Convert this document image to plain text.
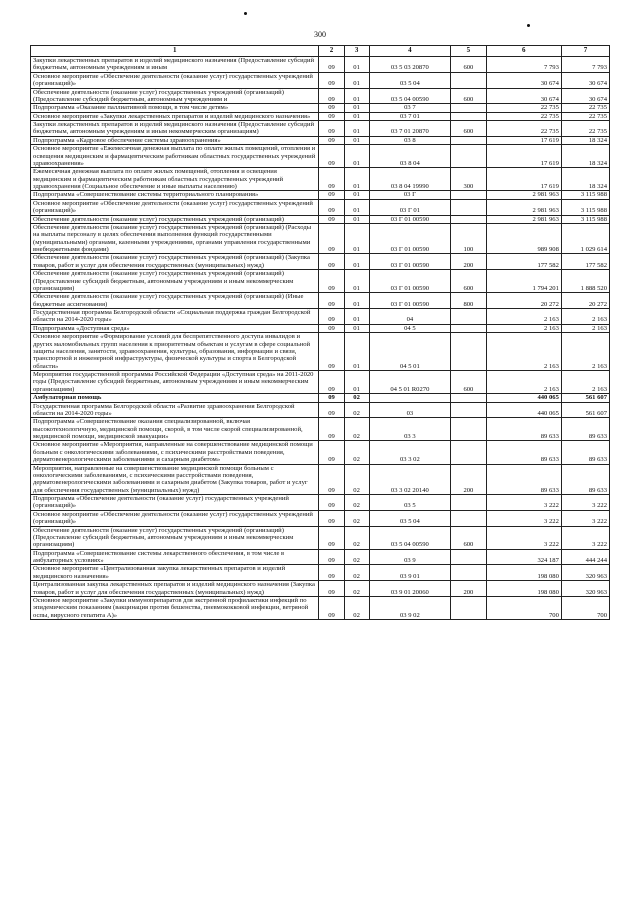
300
1	2	3	4	5	6	7
Закупки лекарственных препаратов и изделий медицинского назначения (Предоставление субсидий бюджетным, автономным учреждениям и иным	09	01	03 5 03 20870	600	7 793	7 793
Основное мероприятие «Обеспечение деятельности (оказание услуг) государственных учреждений (организаций)»	09	01	03 5 04		30 674	30 674
Обеспечение деятельности (оказание услуг) государственных учреждений (организаций) (Предоставление субсидий бюджетным, автономным учреждениям и	09	01	03 5 04 00590	600	30 674	30 674
Подпрограмма «Оказание паллиативной помощи, в том числе детям»	09	01	03 7		22 735	22 735
Основное мероприятие «Закупки лекарственных препаратов и изделий медицинского назначения»	09	01	03 7 01		22 735	22 735
Закупки лекарственных препаратов и изделий медицинского назначения (Предоставление субсидий бюджетным, автономным учреждениям и иным некоммерческим организациям)	09	01	03 7 01 20870	600	22 735	22 735
Подпрограмма «Кадровое обеспечение системы здравоохранения»	09	01	03 8		17 619	18 324
Основное мероприятие «Ежемесячная денежная выплата по оплате жилых помещений, отопления и освещения медицинским и фармацевтическим работникам областных государственных учреждений здравоохранения»	09	01	03 8 04		17 619	18 324
Ежемесячная денежная выплата по оплате жилых помещений, отопления и освещения медицинским и фармацевтическим работникам областных государственных учреждений здравоохранения (Социальное обеспечение и иные выплаты населению)	09	01	03 8 04 19990	300	17 619	18 324
Подпрограмма «Совершенствование системы территориального планирования»	09	01	03 Г		2 981 963	3 115 988
Основное мероприятие «Обеспечение деятельности (оказание услуг) государственных учреждений (организаций)»	09	01	03 Г 01		2 981 963	3 115 988
Обеспечение деятельности (оказание услуг) государственных учреждений (организаций)	09	01	03 Г 01 00590		2 981 963	3 115 988
Обеспечение деятельности (оказание услуг) государственных учреждений (организаций) (Расходы на выплаты персоналу в целях обеспечения выполнения функций государственными (муниципальными) органами, казенными учреждениями, органами управления государственными внебюджетными фондами)	09	01	03 Г 01 00590	100	989 908	1 029 614
Обеспечение деятельности (оказание услуг) государственных учреждений (организаций) (Закупка товаров, работ и услуг для обеспечения государственных (муниципальных) нужд)	09	01	03 Г 01 00590	200	177 582	177 582
Обеспечение деятельности (оказание услуг) государственных учреждений (организаций) (Предоставление субсидий бюджетным, автономным учреждениям и иным некоммерческим организациям)	09	01	03 Г 01 00590	600	1 794 201	1 888 520
Обеспечение деятельности (оказание услуг) государственных учреждений (организаций) (Иные бюджетные ассигнования)	09	01	03 Г 01 00590	800	20 272	20 272
Государственная программа Белгородской области «Социальная поддержка граждан Белгородской области на 2014-2020 годы»	09	01	04		2 163	2 163
Подпрограмма «Доступная среда»	09	01	04 5		2 163	2 163
Основное мероприятие «Формирование условий для беспрепятственного доступа инвалидов и других маломобильных групп населения к приоритетным объектам и услугам в сфере социальной защиты населения, занятости, здравоохранения, культуры, образования, информации и связи, транспортной и инженерной инфраструктуры, физической культуры и спорта в Белгородской области»	09	01	04 5 01		2 163	2 163
Мероприятия государственной программы Российской Федерации «Доступная среда» на 2011-2020 годы (Предоставление субсидий бюджетным, автономным учреждениям и иным некоммерческим организациям)	09	01	04 5 01 R0270	600	2 163	2 163
Амбулаторная помощь	09	02			440 065	561 607
Государственная программа Белгородской области «Развитие здравоохранения Белгородской области на 2014-2020 годы»	09	02	03		440 065	561 607
Подпрограмма «Совершенствование оказания специализированной, включая высокотехнологичную, медицинской помощи, скорой, в том числе скорой специализированной, медицинской помощи, медицинской эвакуации»	09	02	03 3		89 633	89 633
Основное мероприятие «Мероприятия, направленные на совершенствование медицинской помощи больным с онкологическими заболеваниями, с психическими расстройствами поведения, дерматовенерологическими заболеваниями и сахарным диабетом»	09	02	03 3 02		89 633	89 633
Мероприятия, направленные на совершенствование медицинской помощи больным с онкологическими заболеваниями, с психическими расстройствами поведения, дерматовенерологическими заболеваниями и сахарным диабетом (Закупка товаров, работ и услуг для обеспечения государственных (муниципальных) нужд)	09	02	03 3 02 20140	200	89 633	89 633
Подпрограмма «Обеспечение деятельности (оказание услуг) государственных учреждений (организаций)»	09	02	03 5		3 222	3 222
Основное мероприятие «Обеспечение деятельности (оказание услуг) государственных учреждений (организаций)»	09	02	03 5 04		3 222	3 222
Обеспечение деятельности (оказание услуг) государственных учреждений (организаций) (Предоставление субсидий бюджетным, автономным учреждениям и иным некоммерческим организациям)	09	02	03 5 04 00590	600	3 222	3 222
Подпрограмма «Совершенствование системы лекарственного обеспечения, в том числе в амбулаторных условиях»	09	02	03 9		324 187	444 244
Основное мероприятие «Централизованная закупка лекарственных препаратов и изделий медицинского назначения»	09	02	03 9 01		198 080	320 963
Централизованная закупка лекарственных препаратов и изделий медицинского назначения (Закупка товаров, работ и услуг для обеспечения государственных (муниципальных) нужд)	09	02	03 9 01 20060	200	198 080	320 963
Основное мероприятие «Закупки иммунопрепаратов для экстренной профилактики инфекций по эпидемическим показаниям (вакцинация против бешенства, пневмококковой инфекции, ветряной оспы, вирусного гепатита А)»	09	02	03 9 02		700	700
